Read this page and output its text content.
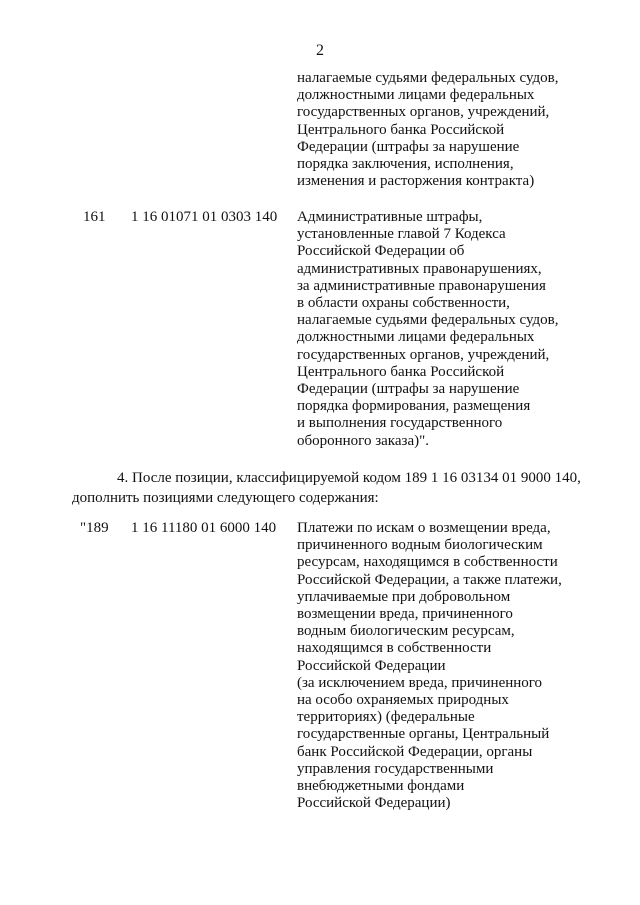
2
налагаемые судьями федеральных судов,
должностными лицами федеральных
государственных органов, учреждений,
Центрального банка Российской
Федерации (штрафы за нарушение
порядка заключения, исполнения,
изменения и расторжения контракта)
161 1 16 01071 01 0303 140 Административные штрафы,
установленные главой 7 Кодекса
Российской Федерации об
административных правонарушениях,
за административные правонарушения
в области охраны собственности,
налагаемые судьями федеральных судов,
должностными лицами федеральных
государственных органов, учреждений,
Центрального банка Российской
Федерации (штрафы за нарушение
порядка формирования, размещения
и выполнения государственного
оборонного заказа)".
4. После позиции, классифицируемой кодом 189 1 16 03134 01 9000 140,
дополнить позициями следующего содержания:
"189 1 16 11180 01 6000 140 Платежи по искам о возмещении вреда,
причиненного водным биологическим
ресурсам, находящимся в собственности
Российской Федерации, а также платежи,
уплачиваемые при добровольном
возмещении вреда, причиненного
водным биологическим ресурсам,
находящимся в собственности
Российской Федерации
(за исключением вреда, причиненного
на особо охраняемых природных
территориях) (федеральные
государственные органы, Центральный
банк Российской Федерации, органы
управления государственными
внебюджетными фондами
Российской Федерации)
